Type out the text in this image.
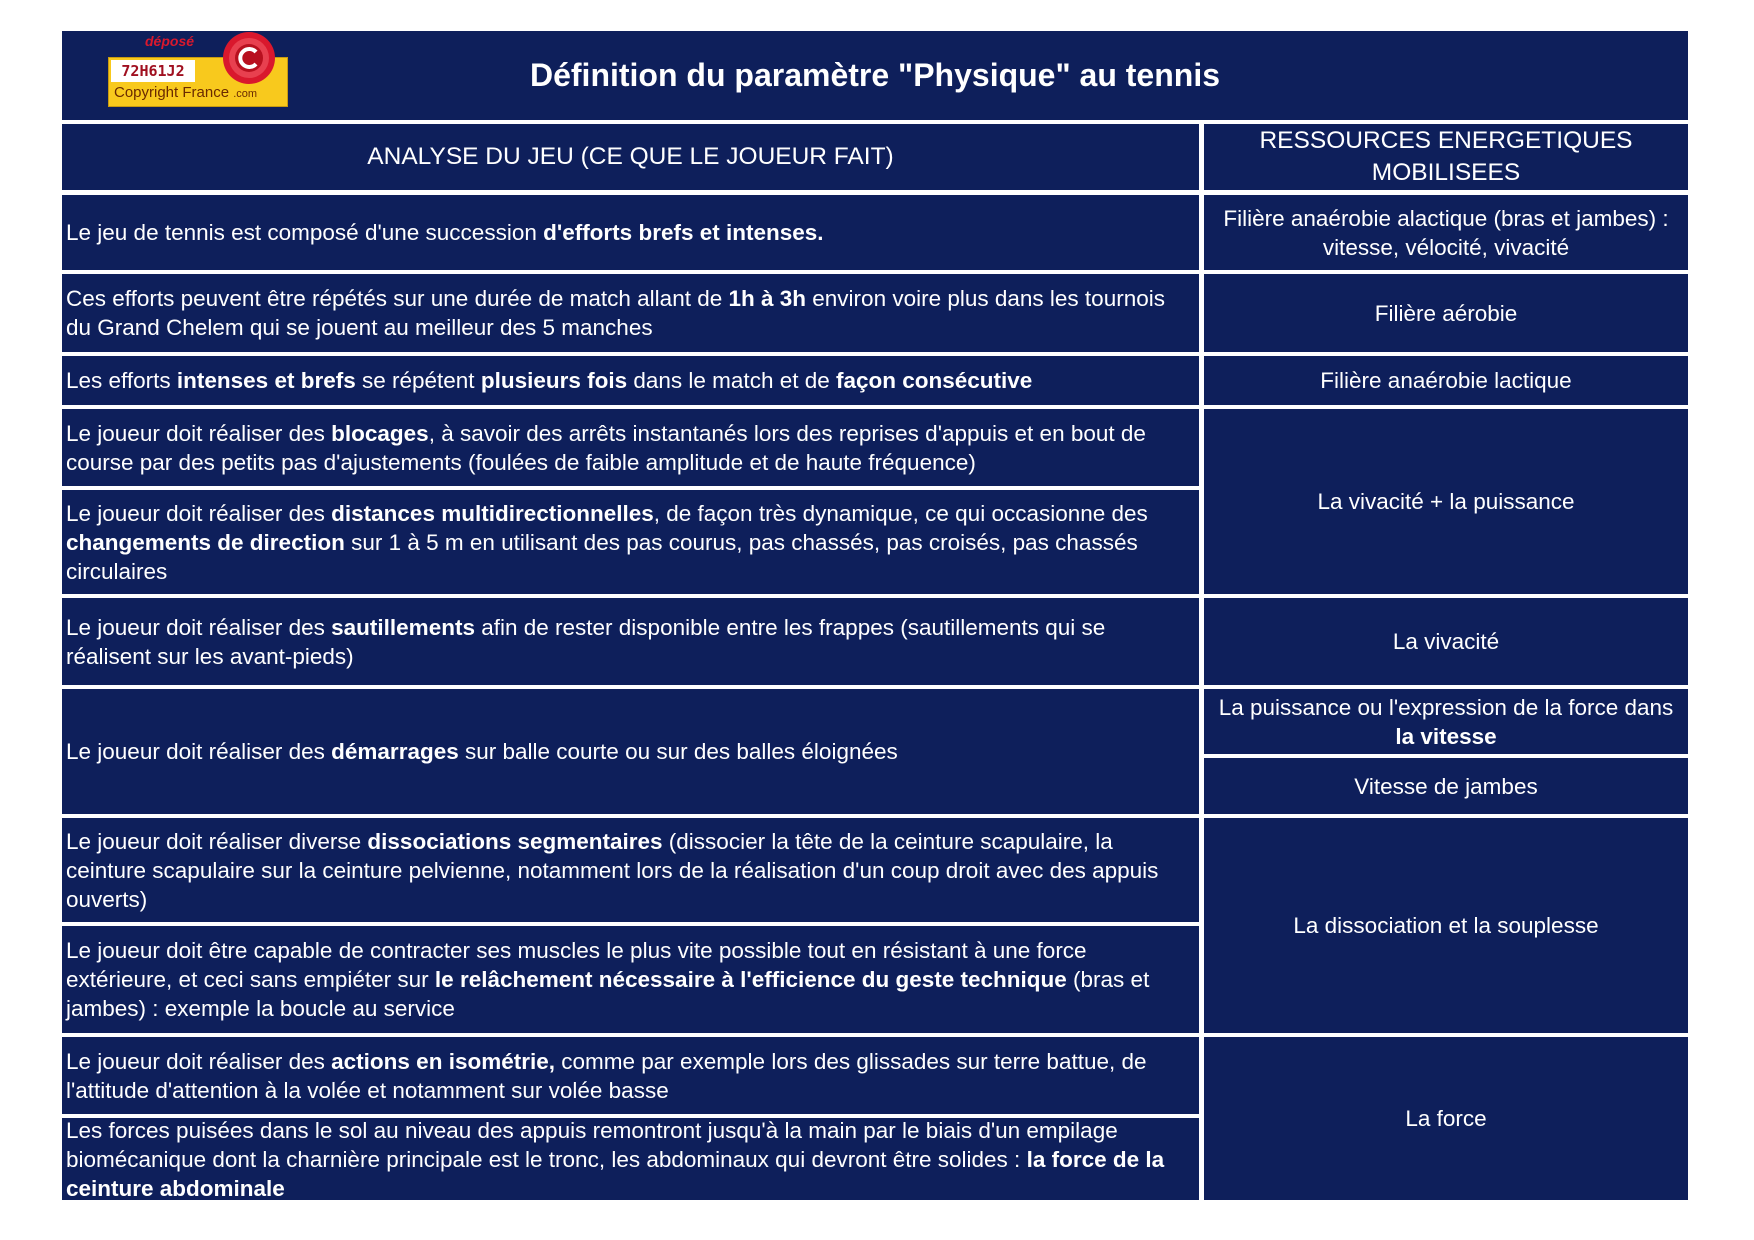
Définition du paramètre "Physique" au tennis
déposé
72H61J2
Copyright France .com
ANALYSE DU JEU (CE QUE LE JOUEUR FAIT)
RESSOURCES ENERGETIQUES MOBILISEES
Le jeu de tennis est composé d'une succession d'efforts brefs et intenses.
Ces efforts peuvent être répétés sur une durée de match allant de 1h à 3h environ voire plus dans les tournois du Grand Chelem qui se jouent au meilleur des 5 manches
Les efforts intenses et brefs se répétent plusieurs fois dans le match et de façon consécutive
Le joueur doit réaliser des blocages, à savoir des arrêts instantanés lors des reprises d'appuis et en bout de course par des petits pas d'ajustements (foulées de faible amplitude et de haute fréquence)
Le joueur doit réaliser des distances multidirectionnelles, de façon très dynamique, ce qui occasionne des changements de direction sur 1 à 5 m en utilisant des pas courus, pas chassés, pas croisés, pas chassés circulaires
Le joueur doit réaliser des sautillements afin de rester disponible entre les frappes (sautillements qui se réalisent sur les avant-pieds)
Le joueur doit réaliser des démarrages sur balle courte ou sur des balles éloignées
Le joueur doit réaliser diverse dissociations segmentaires (dissocier la tête de la ceinture scapulaire, la ceinture scapulaire sur la ceinture pelvienne, notamment lors de la réalisation d'un coup droit avec des appuis ouverts)
Le joueur doit être capable de contracter ses muscles le plus vite possible tout en résistant à une force extérieure, et ceci sans empiéter sur le relâchement nécessaire à l'efficience du geste technique (bras et jambes) : exemple la boucle au service
Le joueur doit réaliser des actions en isométrie, comme par exemple lors des glissades sur terre battue, de l'attitude d'attention à la volée et notamment sur volée basse
Les forces puisées dans le sol au niveau des appuis remontront jusqu'à la main par le biais d'un empilage biomécanique dont la charnière principale est le tronc, les abdominaux qui devront être solides : la force de la ceinture abdominale
Filière anaérobie alactique (bras et jambes) : vitesse, vélocité, vivacité
Filière aérobie
Filière anaérobie lactique
La vivacité + la puissance
La vivacité
La puissance ou l'expression de la force dans la vitesse
Vitesse de jambes
La dissociation et la souplesse
La force
